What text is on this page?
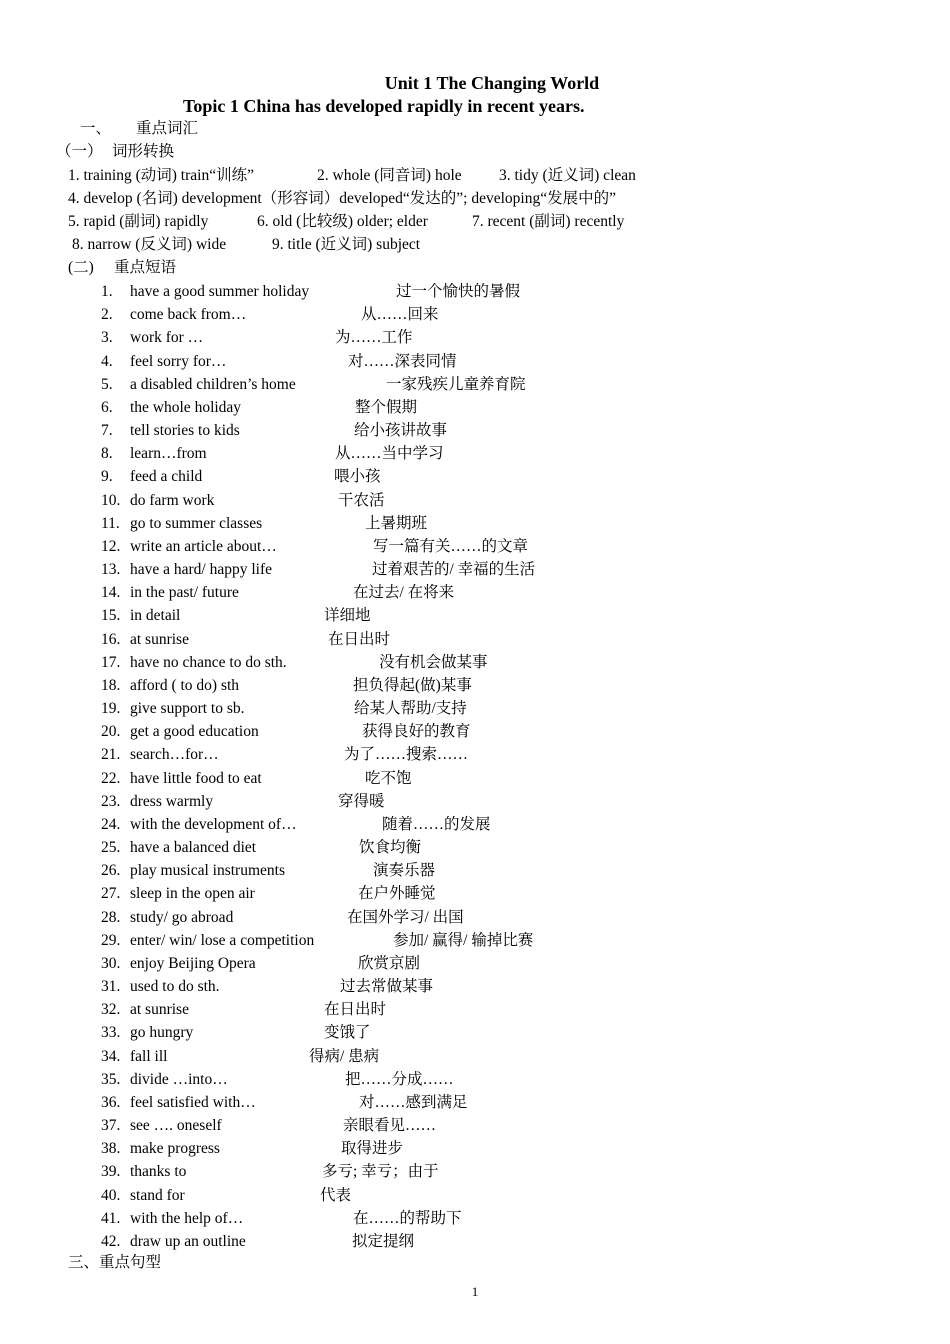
Unit 1 The Changing World
Topic 1 China has developed rapidly in recent years.
一、 重点词汇
（一） 词形转换
1. training (动词) train“训练”	2. whole (同音词) hole 3. tidy (近义词) clean
4. develop (名词) development（形容词）developed“发达的”; developing“发展中的”
5. rapid (副词) rapidly	6. old (比较级) older; elder	7. recent (副词) recently
8. narrow (反义词) wide	9. title (近义词) subject
(二) 重点短语
1.	have a good summer holiday	过一个愉快的暑假
2.	come back from…	从……回来
3.	work for …	为……工作
4.	feel sorry for…	对……深表同情
5.	a disabled children’s home	一家残疾儿童养育院
6.	the whole holiday	整个假期
7.	tell stories to kids	给小孩讲故事
8.	learn…from	从……当中学习
9.	feed a child	喂小孩
10. do farm work	干农活
11. go to summer classes	上暑期班
12. write an article about…	写一篇有关……的文章
13. have a hard/ happy life	过着艰苦的/ 幸福的生活
14. in the past/ future	在过去/ 在将来
15. in detail	详细地
16. at sunrise	在日出时
17. have no chance to do sth.	没有机会做某事
18. afford ( to do) sth	担负得起(做)某事
19. give support to sb.	给某人帮助/支持
20. get a good education	获得良好的教育
21. search…for…	为了……搜索……
22. have little food to eat	吃不饱
23. dress warmly	穿得暖
24. with the development of…	随着……的发展
25. have a balanced diet	饮食均衡
26. play musical instruments	演奏乐器
27. sleep in the open air	在户外睡觉
28. study/ go abroad	在国外学习/ 出国
29. enter/ win/ lose a competition	参加/ 赢得/ 输掉比赛
30. enjoy Beijing Opera	欣赏京剧
31. used to do sth.	过去常做某事
32. at sunrise	在日出时
33. go hungry	变饿了
34. fall ill	得病/ 患病
35. divide …into…	把……分成……
36. feel satisfied with…	对……感到满足
37. see …. oneself	亲眼看见……
38. make progress	取得进步
39. thanks to	多亏; 幸亏；由于
40. stand for	代表
41. with the help of…	在……的帮助下
42. draw up an outline	拟定提纲
三、重点句型
1
